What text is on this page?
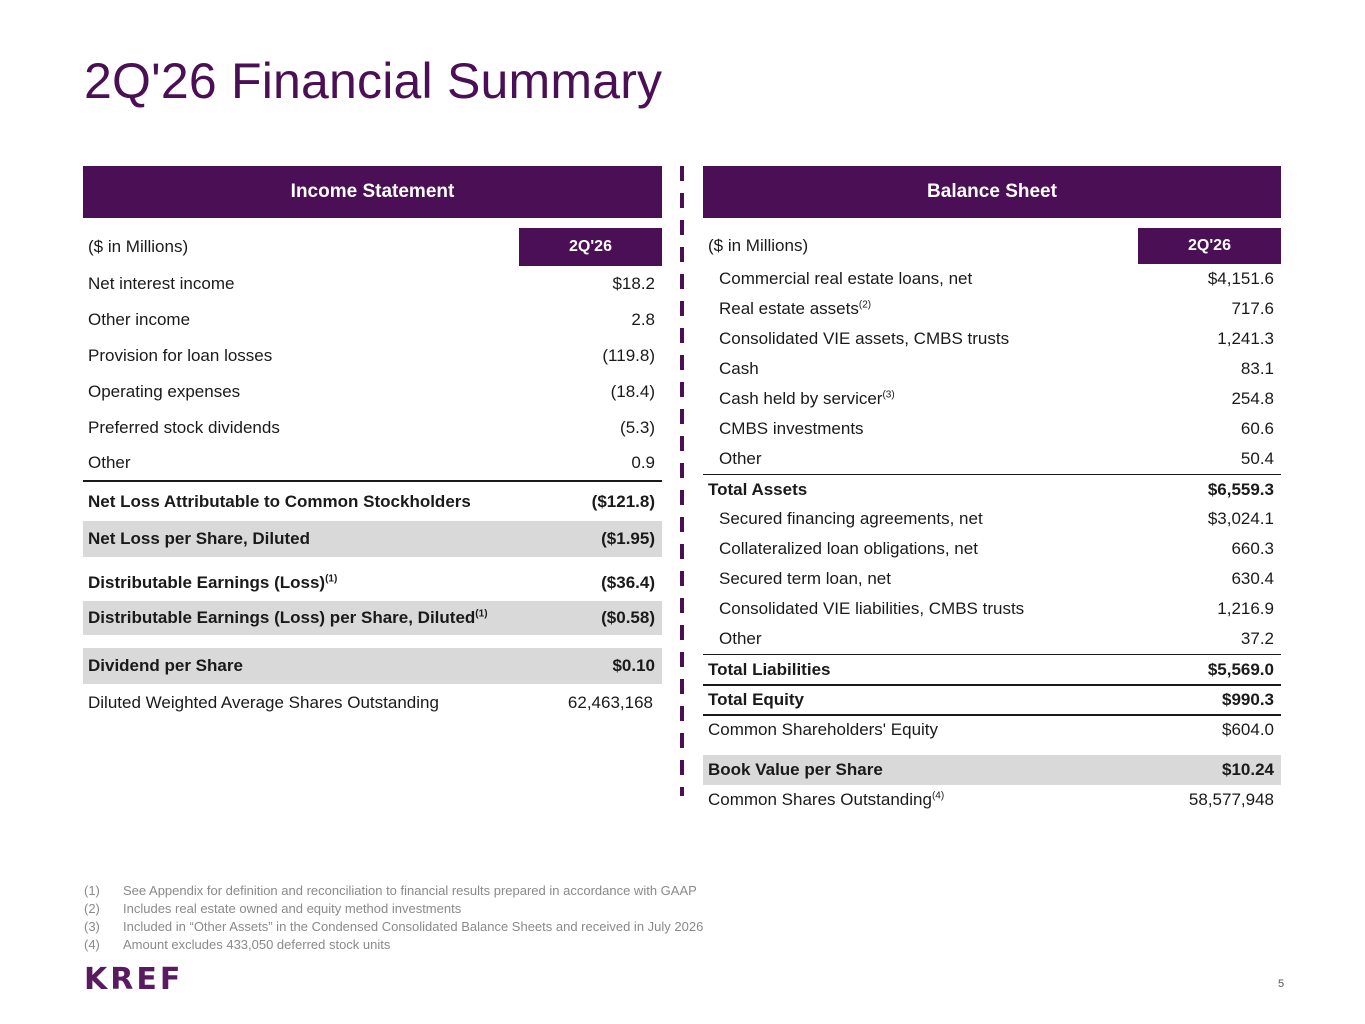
2Q'26 Financial Summary
Income Statement
($ in Millions)	2Q'26
Net interest income	$18.2
Other income	2.8
Provision for loan losses	(119.8)
Operating expenses	(18.4)
Preferred stock dividends	(5.3)
Other	0.9
Net Loss Attributable to Common Stockholders	($121.8)
Net Loss per Share, Diluted	($1.95)
Distributable Earnings (Loss)$^{(1)}$	($36.4)
Distributable Earnings (Loss) per Share, Diluted$^{(1)}$	($0.58)
Dividend per Share	$0.10
Diluted Weighted Average Shares Outstanding	62,463,168
Balance Sheet
($ in Millions)	2Q'26
Commercial real estate loans, net	$4,151.6
Real estate assets$^{(2)}$	717.6
Consolidated VIE assets, CMBS trusts	1,241.3
Cash	83.1
Cash held by servicer$^{(3)}$	254.8
CMBS investments	60.6
Other	50.4
Total Assets	$6,559.3
Secured financing agreements, net	$3,024.1
Collateralized loan obligations, net	660.3
Secured term loan, net	630.4
Consolidated VIE liabilities, CMBS trusts	1,216.9
Other	37.2
Total Liabilities	$5,569.0
Total Equity	$990.3
Common Shareholders' Equity	$604.0
Book Value per Share	$10.24
Common Shares Outstanding$^{(4)}$	58,577,948
(1)	See Appendix for definition and reconciliation to financial results prepared in accordance with GAAP
(2)	Includes real estate owned and equity method investments
(3)	Included in “Other Assets” in the Condensed Consolidated Balance Sheets and received in July 2026
(4)	Amount excludes 433,050 deferred stock units
KREF	5
